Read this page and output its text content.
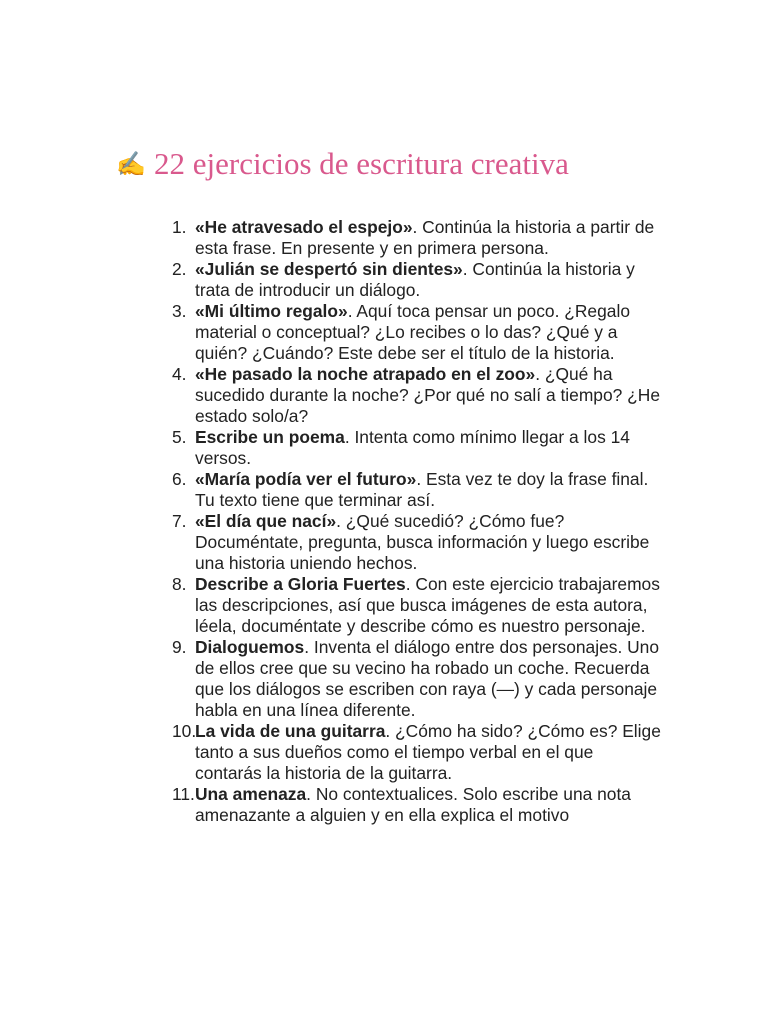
✍ 22 ejercicios de escritura creativa
1. «He atravesado el espejo». Continúa la historia a partir de esta frase. En presente y en primera persona.
2. «Julián se despertó sin dientes». Continúa la historia y trata de introducir un diálogo.
3. «Mi último regalo». Aquí toca pensar un poco. ¿Regalo material o conceptual? ¿Lo recibes o lo das? ¿Qué y a quién? ¿Cuándo? Este debe ser el título de la historia.
4. «He pasado la noche atrapado en el zoo». ¿Qué ha sucedido durante la noche? ¿Por qué no salí a tiempo? ¿He estado solo/a?
5. Escribe un poema. Intenta como mínimo llegar a los 14 versos.
6. «María podía ver el futuro». Esta vez te doy la frase final. Tu texto tiene que terminar así.
7. «El día que nací». ¿Qué sucedió? ¿Cómo fue? Documéntate, pregunta, busca información y luego escribe una historia uniendo hechos.
8. Describe a Gloria Fuertes. Con este ejercicio trabajaremos las descripciones, así que busca imágenes de esta autora, léela, documéntate y describe cómo es nuestro personaje.
9. Dialoguemos. Inventa el diálogo entre dos personajes. Uno de ellos cree que su vecino ha robado un coche. Recuerda que los diálogos se escriben con raya (—) y cada personaje habla en una línea diferente.
10.
La vida de una guitarra. ¿Cómo ha sido? ¿Cómo es? Elige tanto a sus dueños como el tiempo verbal en el que contarás la historia de la guitarra.
11. Una amenaza. No contextualices. Solo escribe una nota amenazante a alguien y en ella explica el motivo
